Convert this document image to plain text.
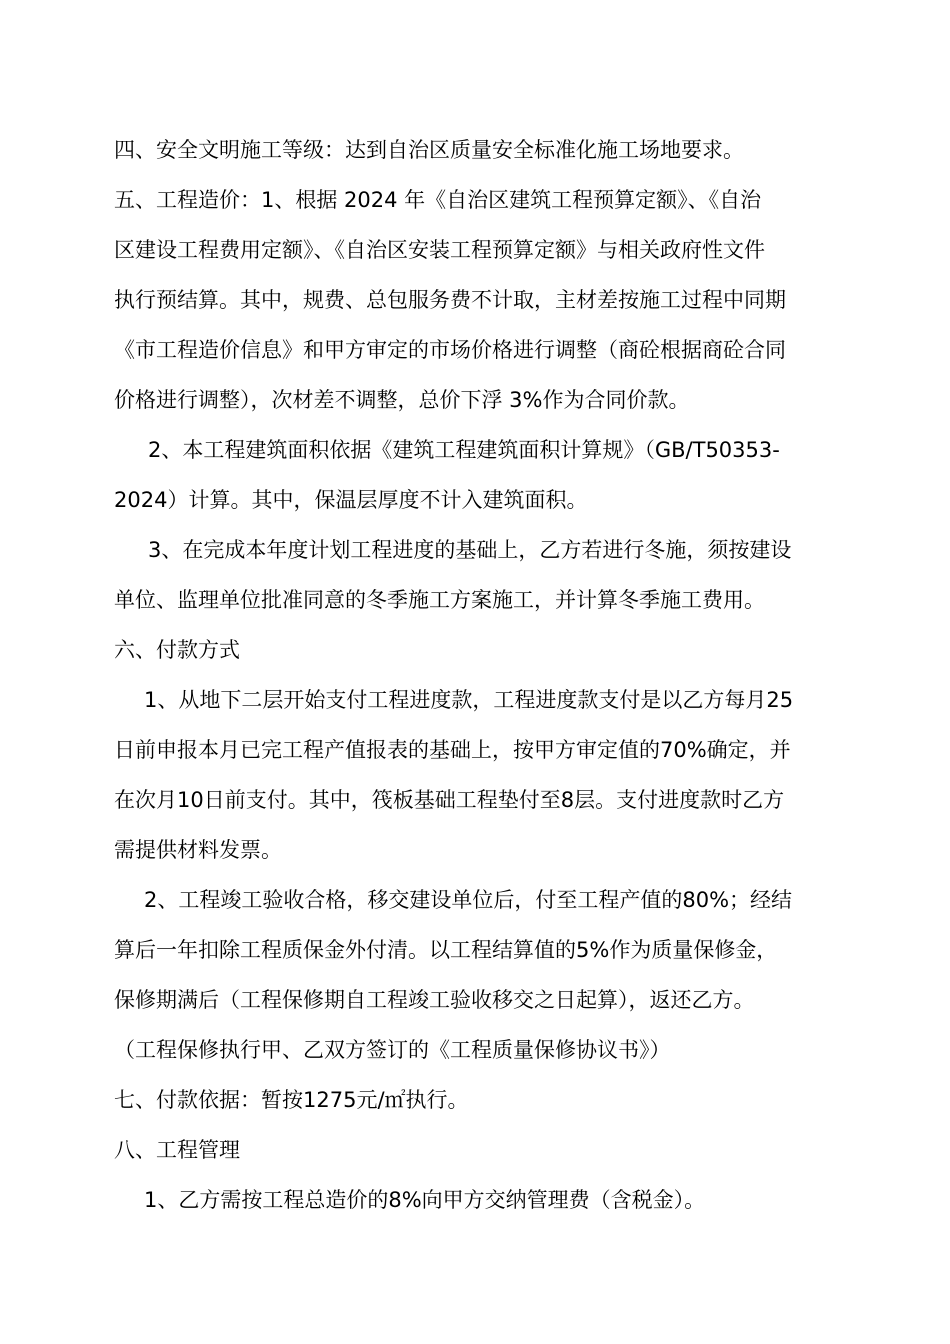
四、安全文明施工等级：达到自治区质量安全标准化施工场地要求。
五、工程造价：1、根据 2024 年《自治区建筑工程预算定额》、《自治
区建设工程费用定额》、《自治区安装工程预算定额》与相关政府性文件
执行预结算。其中，规费、总包服务费不计取，主材差按施工过程中同期
《市工程造价信息》和甲方审定的市场价格进行调整（商砼根据商砼合同
价格进行调整），次材差不调整，总价下浮 3%作为合同价款。
2、本工程建筑面积依据《建筑工程建筑面积计算规》（GB/T50353-
2024）计算。其中，保温层厚度不计入建筑面积。
3、在完成本年度计划工程进度的基础上，乙方若进行冬施，须按建设
单位、监理单位批准同意的冬季施工方案施工，并计算冬季施工费用。
六、付款方式
1、从地下二层开始支付工程进度款，工程进度款支付是以乙方每月25
日前申报本月已完工程产值报表的基础上，按甲方审定值的70%确定，并
在次月10日前支付。其中，筏板基础工程垫付至8层。支付进度款时乙方
需提供材料发票。
2、工程竣工验收合格，移交建设单位后，付至工程产值的80%；经结
算后一年扣除工程质保金外付清。以工程结算值的5%作为质量保修金，
保修期满后（工程保修期自工程竣工验收移交之日起算），返还乙方。
（工程保修执行甲、乙双方签订的《工程质量保修协议书》）
七、付款依据：暂按1275元/㎡执行。
八、工程管理
1、乙方需按工程总造价的8%向甲方交纳管理费（含税金）。
